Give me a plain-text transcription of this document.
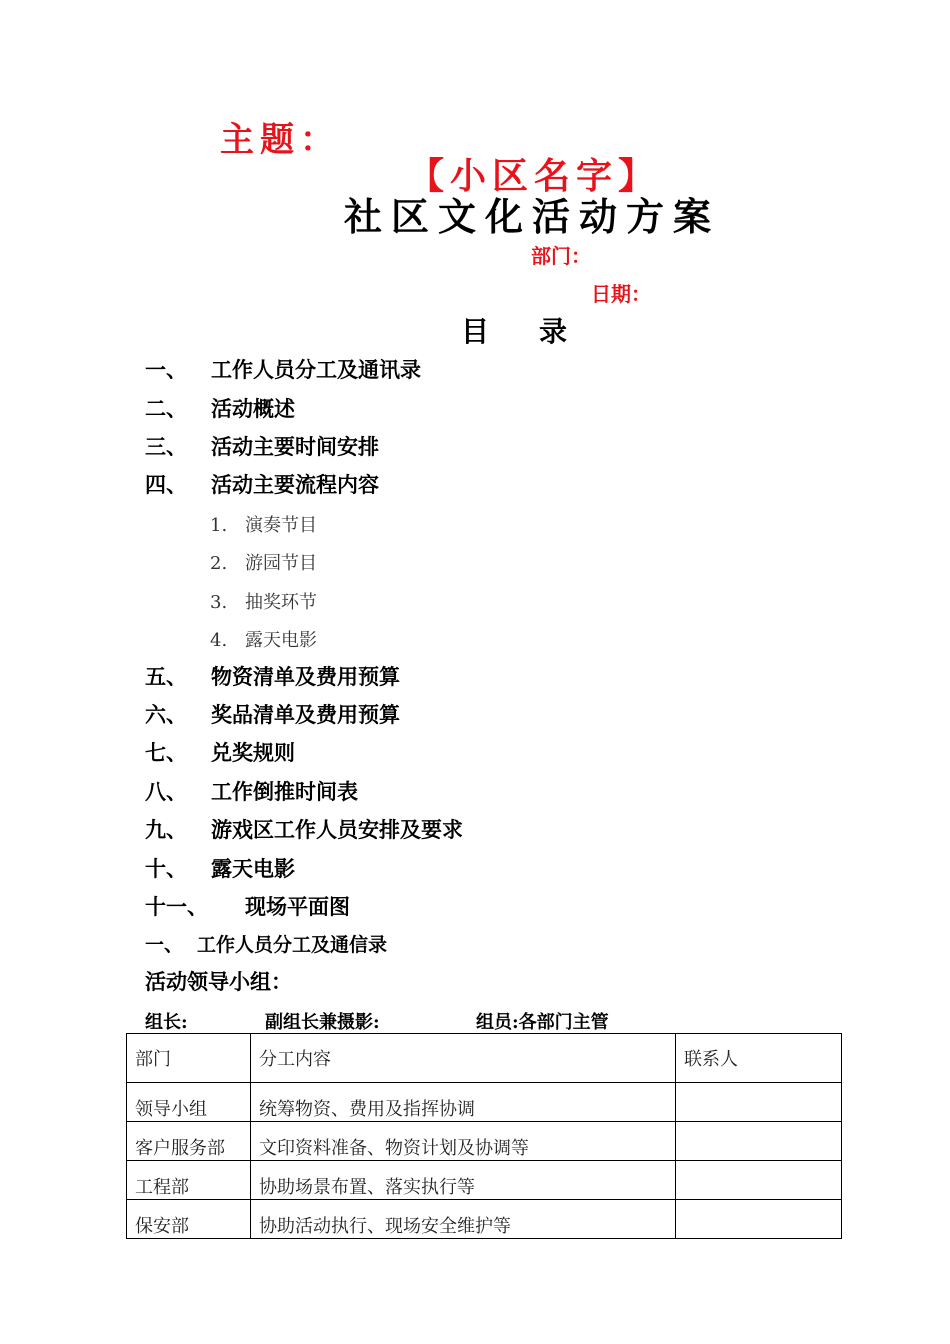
主题：
【小区名字】
社区文化活动方案
部门：
日期：
目 录
一、 工作人员分工及通讯录
二、 活动概述
三、 活动主要时间安排
四、 活动主要流程内容
1. 演奏节目
2. 游园节目
3. 抽奖环节
4. 露天电影
五、 物资清单及费用预算
六、 奖品清单及费用预算
七、 兑奖规则
八、 工作倒推时间表
九、 游戏区工作人员安排及要求
十、 露天电影
十一、 现场平面图
一、 工作人员分工及通信录
活动领导小组：
组长:	副组长兼摄影:	组员:各部门主管
部门	分工内容	联系人
领导小组	统筹物资、费用及指挥协调	
客户服务部	文印资料准备、物资计划及协调等	
工程部	协助场景布置、落实执行等	
保安部	协助活动执行、现场安全维护等	
